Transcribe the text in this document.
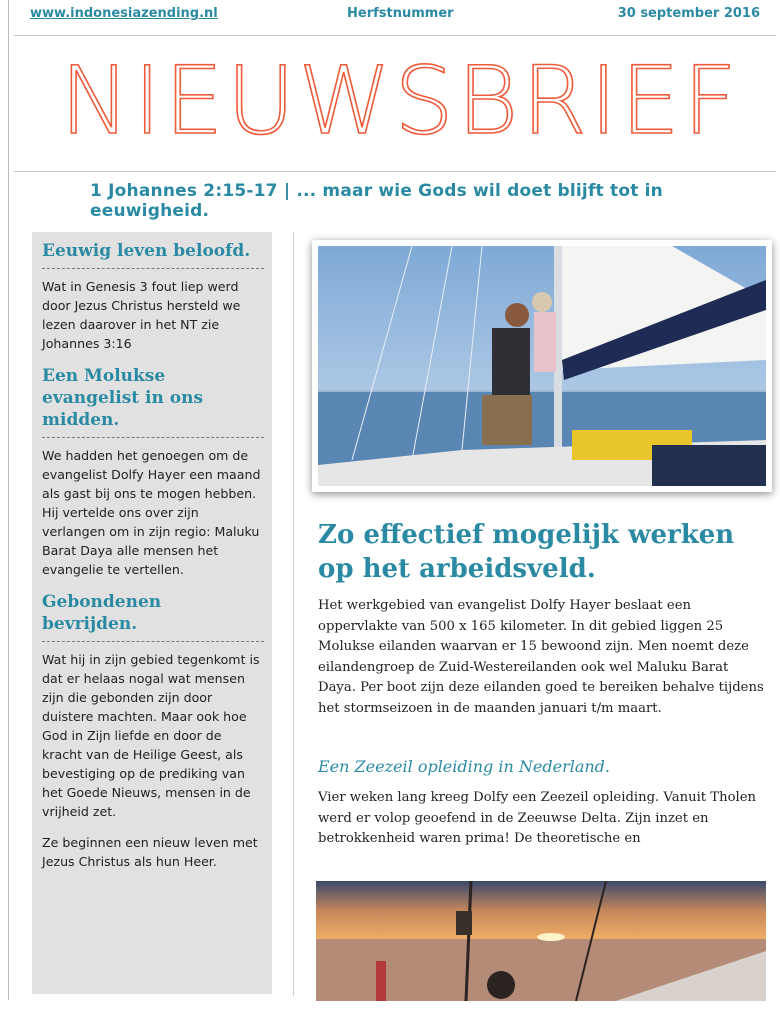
www.indonesiazending.nl	Herfstnummer	30 september 2016
NIEUWSBRIEF
1 Johannes 2:15-17 | ... maar wie Gods wil doet blijft tot in eeuwigheid.
Eeuwig leven beloofd.

Wat in Genesis 3 fout liep werd door Jezus Christus hersteld we lezen daarover in het NT zie Johannes 3:16

Een Molukse evangelist in ons midden.

We hadden het genoegen om de evangelist Dolfy Hayer een maand als gast bij ons te mogen hebben. Hij vertelde ons over zijn verlangen om in zijn regio: Maluku Barat Daya alle mensen het evangelie te vertellen.

Gebondenen bevrijden.

Wat hij in zijn gebied tegenkomt is dat er helaas nogal wat mensen zijn die gebonden zijn door duistere machten. Maar ook hoe God in Zijn liefde en door de kracht van de Heilige Geest, als bevestiging op de prediking van het Goede Nieuws, mensen in de vrijheid zet.

Ze beginnen een nieuw leven met Jezus Christus als hun Heer.

Zo effectief mogelijk werken op het arbeidsveld.

Het werkgebied van evangelist Dolfy Hayer beslaat een oppervlakte van 500 x 165 kilometer. In dit gebied liggen 25 Molukse eilanden waarvan er 15 bewoond zijn. Men noemt deze eilandengroep de Zuid-Westereilanden ook wel Maluku Barat Daya. Per boot zijn deze eilanden goed te bereiken behalve tijdens het stormseizoen in de maanden januari t/m maart.

Een Zeezeil opleiding in Nederland.
Vier weken lang kreeg Dolfy een Zeezeil opleiding. Vanuit Tholen werd er volop geoefend in de Zeeuwse Delta. Zijn inzet en betrokkenheid waren prima! De theoretische en
